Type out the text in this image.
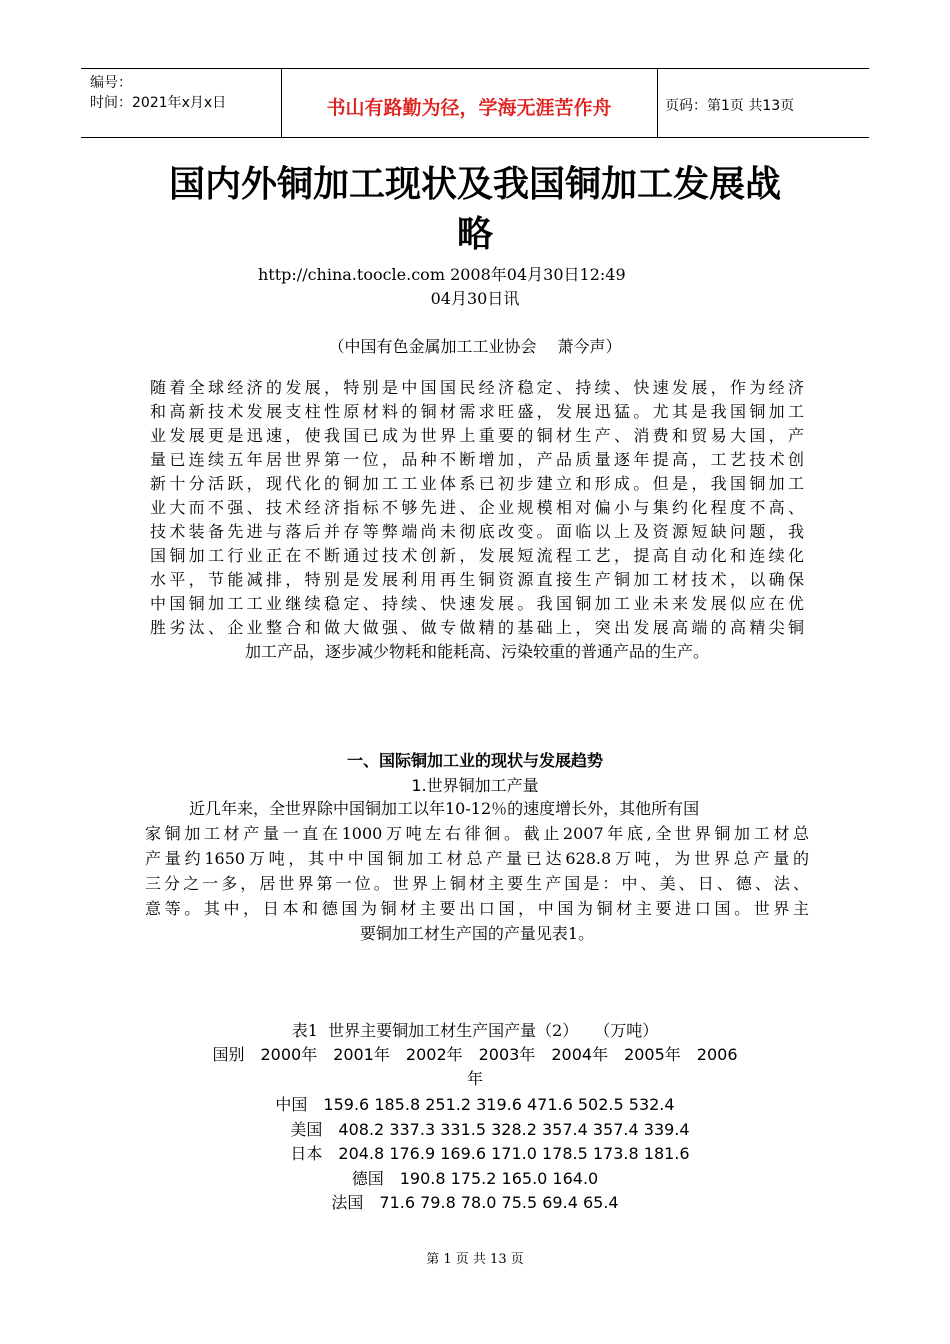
编号：
时间：2021年x月x日	书山有路勤为径，学海无涯苦作舟	页码：第1页 共13页
国内外铜加工现状及我国铜加工发展战
略
http://china.toocle.com 2008年04月30日12:49
04月30日讯
（中国有色金属加工工业协会　 萧今声）

随着全球经济的发展，特别是中国国民经济稳定、持续、快速发展，作为经济

和高新技术发展支柱性原材料的铜材需求旺盛，发展迅猛。尤其是我国铜加工

业发展更是迅速，使我国已成为世界上重要的铜材生产、消费和贸易大国，产

量已连续五年居世界第一位，品种不断增加，产品质量逐年提高，工艺技术创

新十分活跃，现代化的铜加工工业体系已初步建立和形成。但是，我国铜加工

业大而不强、技术经济指标不够先进、企业规模相对偏小与集约化程度不高、

技术装备先进与落后并存等弊端尚未彻底改变。面临以上及资源短缺问题，我

国铜加工行业正在不断通过技术创新，发展短流程工艺，提高自动化和连续化

水平，节能减排，特别是发展利用再生铜资源直接生产铜加工材技术，以确保

中国铜加工工业继续稳定、持续、快速发展。我国铜加工业未来发展似应在优

胜劣汰、企业整合和做大做强、做专做精的基础上，突出发展高端的高精尖铜

加工产品，逐步减少物耗和能耗高、污染较重的普通产品的生产。

一、国际铜加工业的现状与发展趋势
1.世界铜加工产量

近几年来，全世界除中国铜加工以年10-12％的速度增长外，其他所有国

家铜加工材产量一直在1000万吨左右徘徊。截止2007年底,全世界铜加工材总

产量约1650万吨，其中中国铜加工材总产量已达628.8万吨，为世界总产量的

三分之一多，居世界第一位。世界上铜材主要生产国是：中、美、日、德、法、

意等。其中，日本和德国为铜材主要出口国，中国为铜材主要进口国。世界主

要铜加工材生产国的产量见表1。

表1  世界主要铜加工材生产国产量（2）　　（万吨）
国别　2000年　2001年　2002年　2003年　2004年　2005年　2006
年
中国　159.6 185.8 251.2 319.6 471.6 502.5 532.4
美国　408.2 337.3 331.5 328.2 357.4 357.4 339.4
日本　204.8 176.9 169.6 171.0 178.5 173.8 181.6
德国　190.8 175.2 165.0 164.0
法国　71.6 79.8 78.0 75.5 69.4 65.4
第 1 页 共 13 页
